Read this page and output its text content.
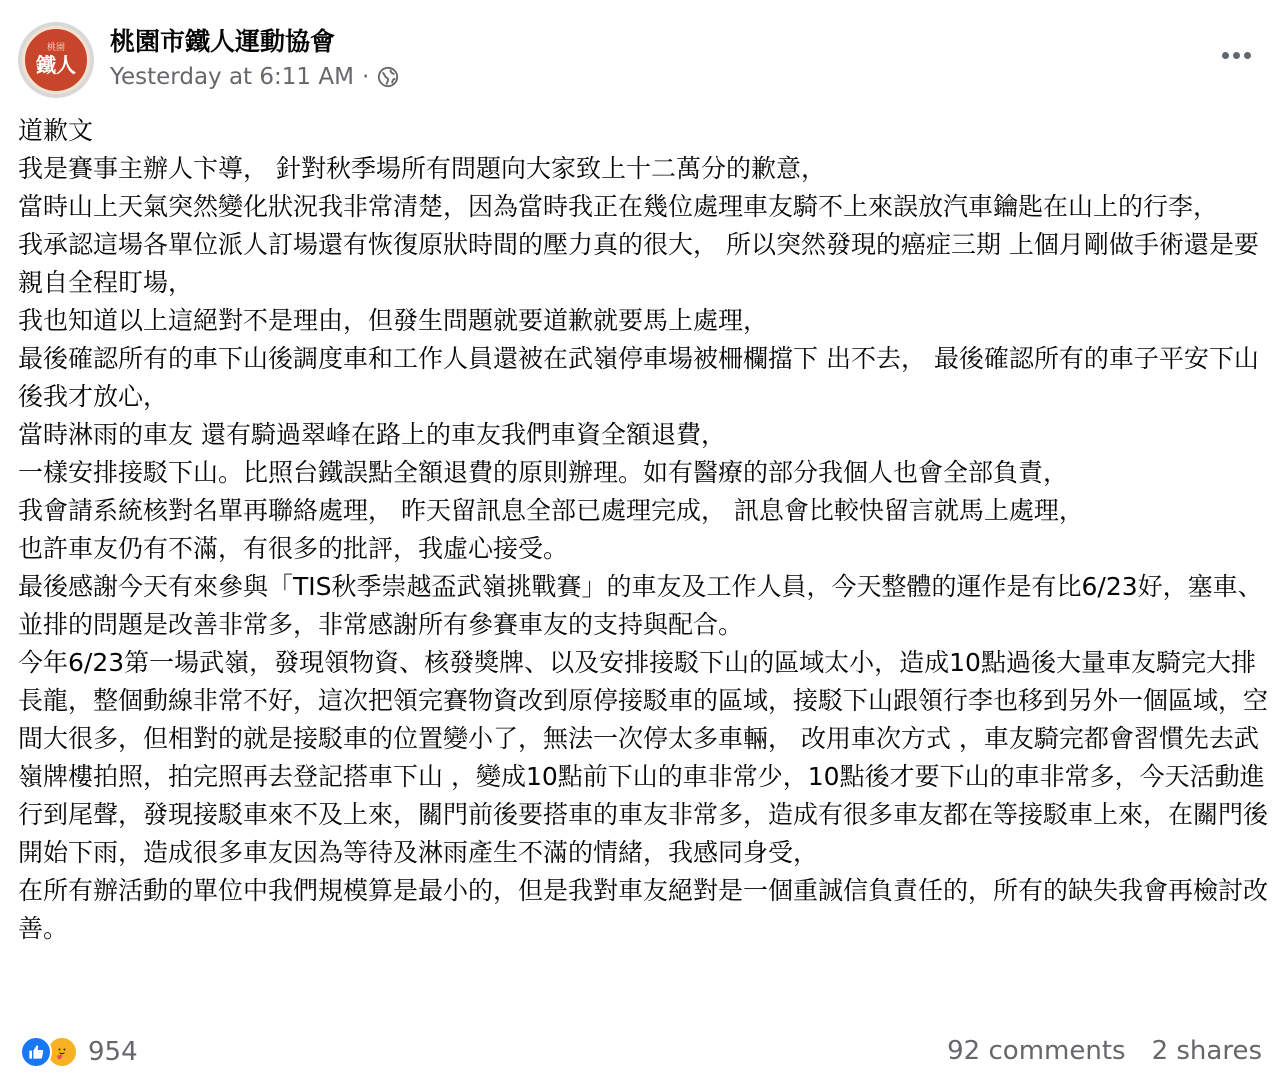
桃園
鐵人
桃園市鐵人運動協會
Yesterday at 6:11 AM ·

道歉文

我是賽事主辦人卞導， 針對秋季場所有問題向大家致上十二萬分的歉意，

當時山上天氣突然變化狀況我非常清楚，因為當時我正在幾位處理車友騎不上來誤放汽車鑰匙在山上的行李，

我承認這場各單位派人訂場還有恢復原狀時間的壓力真的很大， 所以突然發現的癌症三期 上個月剛做手術還是要親自全程盯場，

我也知道以上這絕對不是理由，但發生問題就要道歉就要馬上處理，

最後確認所有的車下山後調度車和工作人員還被在武嶺停車場被柵欄擋下 出不去， 最後確認所有的車子平安下山後我才放心，

當時淋雨的車友 還有騎過翠峰在路上的車友我們車資全額退費，

一樣安排接駁下山。比照台鐵誤點全額退費的原則辦理。如有醫療的部分我個人也會全部負責，

我會請系統核對名單再聯絡處理， 昨天留訊息全部已處理完成， 訊息會比較快留言就馬上處理，

也許車友仍有不滿，有很多的批評，我虛心接受。

最後感謝今天有來參與「TIS秋季崇越盃武嶺挑戰賽」的車友及工作人員，今天整體的運作是有比6/23好，塞車、並排的問題是改善非常多，非常感謝所有參賽車友的支持與配合。

今年6/23第一場武嶺，發現領物資、核發獎牌、以及安排接駁下山的區域太小，造成10點過後大量車友騎完大排長龍，整個動線非常不好，這次把領完賽物資改到原停接駁車的區域，接駁下山跟領行李也移到另外一個區域，空間大很多，但相對的就是接駁車的位置變小了，無法一次停太多車輛， 改用車次方式 ，車友騎完都會習慣先去武嶺牌樓拍照，拍完照再去登記搭車下山 ，變成10點前下山的車非常少，10點後才要下山的車非常多，今天活動進行到尾聲，發現接駁車來不及上來，關門前後要搭車的車友非常多，造成有很多車友都在等接駁車上來，在關門後開始下雨，造成很多車友因為等待及淋雨產生不滿的情緒，我感同身受，

在所有辦活動的單位中我們規模算是最小的，但是我對車友絕對是一個重誠信負責任的，所有的缺失我會再檢討改善。

954	92 comments 2 shares
